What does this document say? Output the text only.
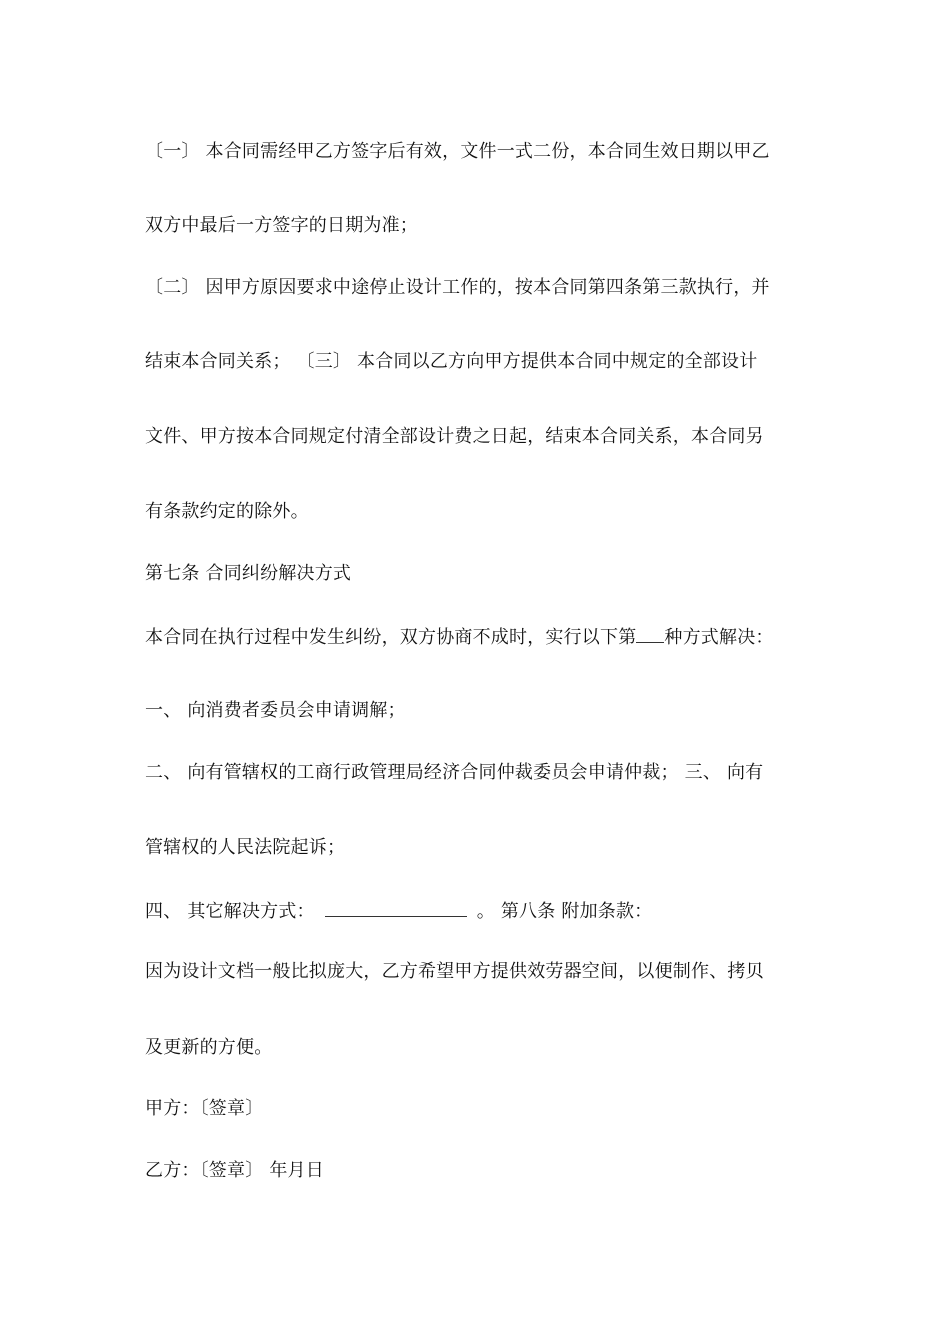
〔一〕 本合同需经甲乙方签字后有效，文件一式二份，本合同生效日期以甲乙
双方中最后一方签字的日期为准；
〔二〕 因甲方原因要求中途停止设计工作的，按本合同第四条第三款执行，并
结束本合同关系； 〔三〕 本合同以乙方向甲方提供本合同中规定的全部设计
文件、甲方按本合同规定付清全部设计费之日起，结束本合同关系，本合同另
有条款约定的除外。
第七条 合同纠纷解决方式
本合同在执行过程中发生纠纷，双方协商不成时，实行以下第 种方式解决：
一、 向消费者委员会申请调解；
二、 向有管辖权的工商行政管理局经济合同仲裁委员会申请仲裁； 三、 向有
管辖权的人民法院起诉；
四、 其它解决方式：	。 第八条 附加条款：
因为设计文档一般比拟庞大，乙方希望甲方提供效劳器空间，以便制作、拷贝
及更新的方便。
甲方：〔签章〕
乙方：〔签章〕 年月日
